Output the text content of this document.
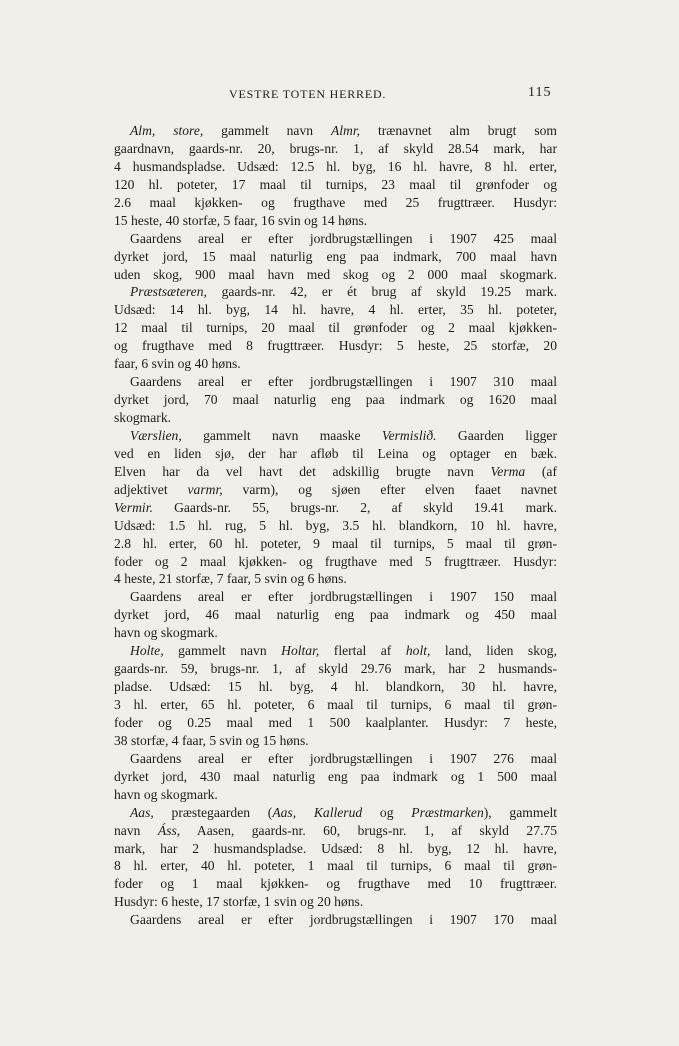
VESTRE TOTEN HERRED.	115
Alm, store, gammelt navn Almr, trænavnet alm brugt som
gaardnavn, gaards-nr. 20, brugs-nr. 1, af skyld 28.54 mark, har
4 husmandspladse. Udsæd: 12.5 hl. byg, 16 hl. havre, 8 hl. erter,
120 hl. poteter, 17 maal til turnips, 23 maal til grønfoder og
2.6 maal kjøkken- og frugthave med 25 frugttræer. Husdyr:
15 heste, 40 storfæ, 5 faar, 16 svin og 14 høns.
Gaardens areal er efter jordbrugstællingen i 1907 425 maal
dyrket jord, 15 maal naturlig eng paa indmark, 700 maal havn
uden skog, 900 maal havn med skog og 2 000 maal skogmark.
Præstsæteren, gaards-nr. 42, er ét brug af skyld 19.25 mark.
Udsæd: 14 hl. byg, 14 hl. havre, 4 hl. erter, 35 hl. poteter,
12 maal til turnips, 20 maal til grønfoder og 2 maal kjøkken-
og frugthave med 8 frugttræer. Husdyr: 5 heste, 25 storfæ, 20
faar, 6 svin og 40 høns.
Gaardens areal er efter jordbrugstællingen i 1907 310 maal
dyrket jord, 70 maal naturlig eng paa indmark og 1620 maal
skogmark.
Værslien, gammelt navn maaske Vermislið. Gaarden ligger
ved en liden sjø, der har afløb til Leina og optager en bæk.
Elven har da vel havt det adskillig brugte navn Verma (af
adjektivet varmr, varm), og sjøen efter elven faaet navnet
Vermir. Gaards-nr. 55, brugs-nr. 2, af skyld 19.41 mark.
Udsæd: 1.5 hl. rug, 5 hl. byg, 3.5 hl. blandkorn, 10 hl. havre,
2.8 hl. erter, 60 hl. poteter, 9 maal til turnips, 5 maal til grøn-
foder og 2 maal kjøkken- og frugthave med 5 frugttræer. Husdyr:
4 heste, 21 storfæ, 7 faar, 5 svin og 6 høns.
Gaardens areal er efter jordbrugstællingen i 1907 150 maal
dyrket jord, 46 maal naturlig eng paa indmark og 450 maal
havn og skogmark.
Holte, gammelt navn Holtar, flertal af holt, land, liden skog,
gaards-nr. 59, brugs-nr. 1, af skyld 29.76 mark, har 2 husmands-
pladse. Udsæd: 15 hl. byg, 4 hl. blandkorn, 30 hl. havre,
3 hl. erter, 65 hl. poteter, 6 maal til turnips, 6 maal til grøn-
foder og 0.25 maal med 1 500 kaalplanter. Husdyr: 7 heste,
38 storfæ, 4 faar, 5 svin og 15 høns.
Gaardens areal er efter jordbrugstællingen i 1907 276 maal
dyrket jord, 430 maal naturlig eng paa indmark og 1 500 maal
havn og skogmark.
Aas, præstegaarden (Aas, Kallerud og Præstmarken), gammelt
navn Áss, Aasen, gaards-nr. 60, brugs-nr. 1, af skyld 27.75
mark, har 2 husmandspladse. Udsæd: 8 hl. byg, 12 hl. havre,
8 hl. erter, 40 hl. poteter, 1 maal til turnips, 6 maal til grøn-
foder og 1 maal kjøkken- og frugthave med 10 frugttræer.
Husdyr: 6 heste, 17 storfæ, 1 svin og 20 høns.
Gaardens areal er efter jordbrugstællingen i 1907 170 maal
